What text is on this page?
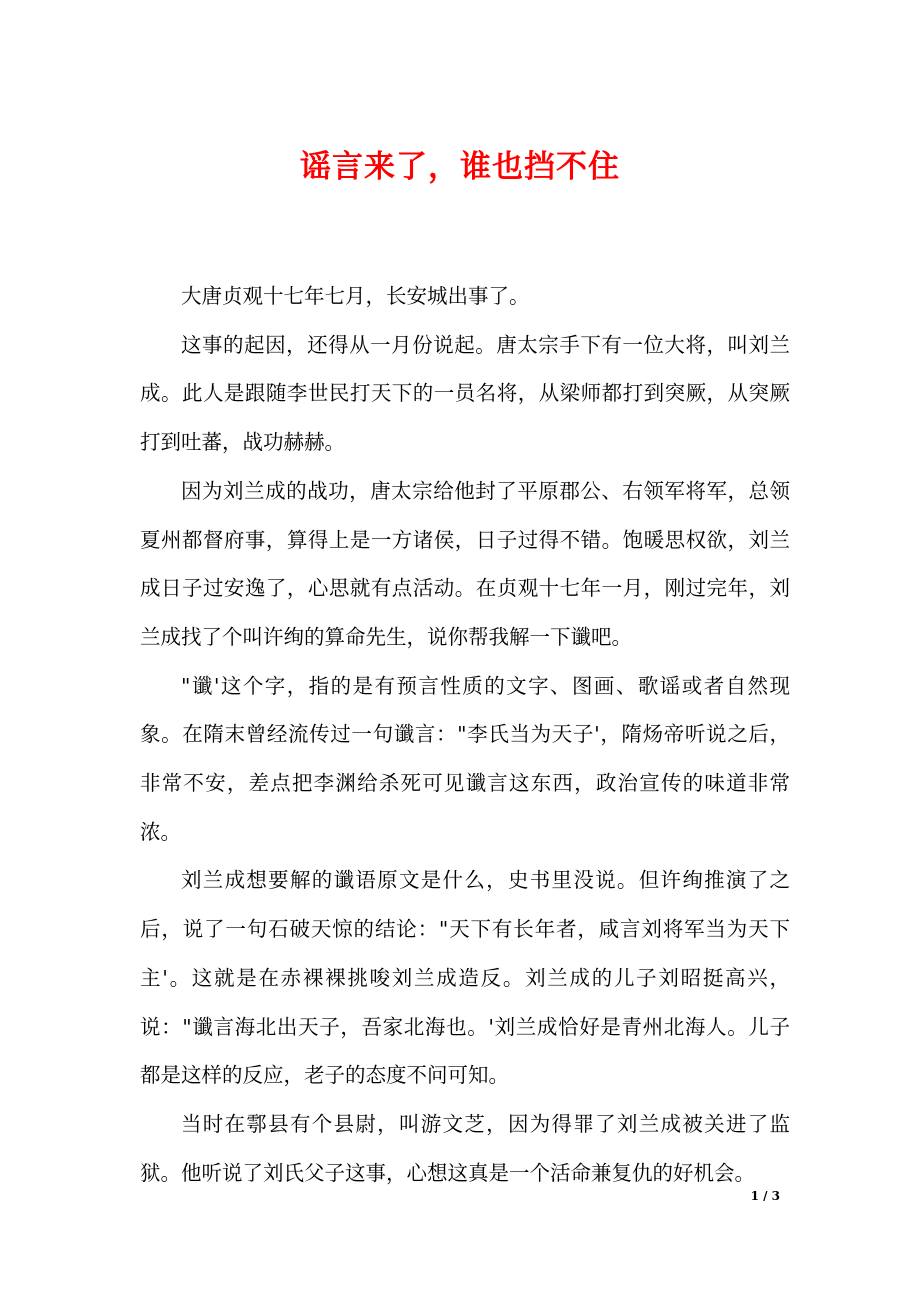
谣言来了，谁也挡不住

大唐贞观十七年七月，长安城出事了。

这事的起因，还得从一月份说起。唐太宗手下有一位大将，叫刘兰成。此人是跟随李世民打天下的一员名将，从梁师都打到突厥，从突厥打到吐蕃，战功赫赫。

因为刘兰成的战功，唐太宗给他封了平原郡公、右领军将军，总领夏州都督府事，算得上是一方诸侯，日子过得不错。饱暖思权欲，刘兰成日子过安逸了，心思就有点活动。在贞观十七年一月，刚过完年，刘兰成找了个叫许绚的算命先生，说你帮我解一下谶吧。

"谶'这个字，指的是有预言性质的文字、图画、歌谣或者自然现象。在隋末曾经流传过一句谶言："李氏当为天子'，隋炀帝听说之后，非常不安，差点把李渊给杀死可见谶言这东西，政治宣传的味道非常浓。

刘兰成想要解的谶语原文是什么，史书里没说。但许绚推演了之后，说了一句石破天惊的结论："天下有长年者，咸言刘将军当为天下主'。这就是在赤裸裸挑唆刘兰成造反。刘兰成的儿子刘昭挺高兴，说："谶言海北出天子，吾家北海也。'刘兰成恰好是青州北海人。儿子都是这样的反应，老子的态度不问可知。

当时在鄠县有个县尉，叫游文芝，因为得罪了刘兰成被关进了监狱。他听说了刘氏父子这事，心想这真是一个活命兼复仇的好机会。

1 / 3
